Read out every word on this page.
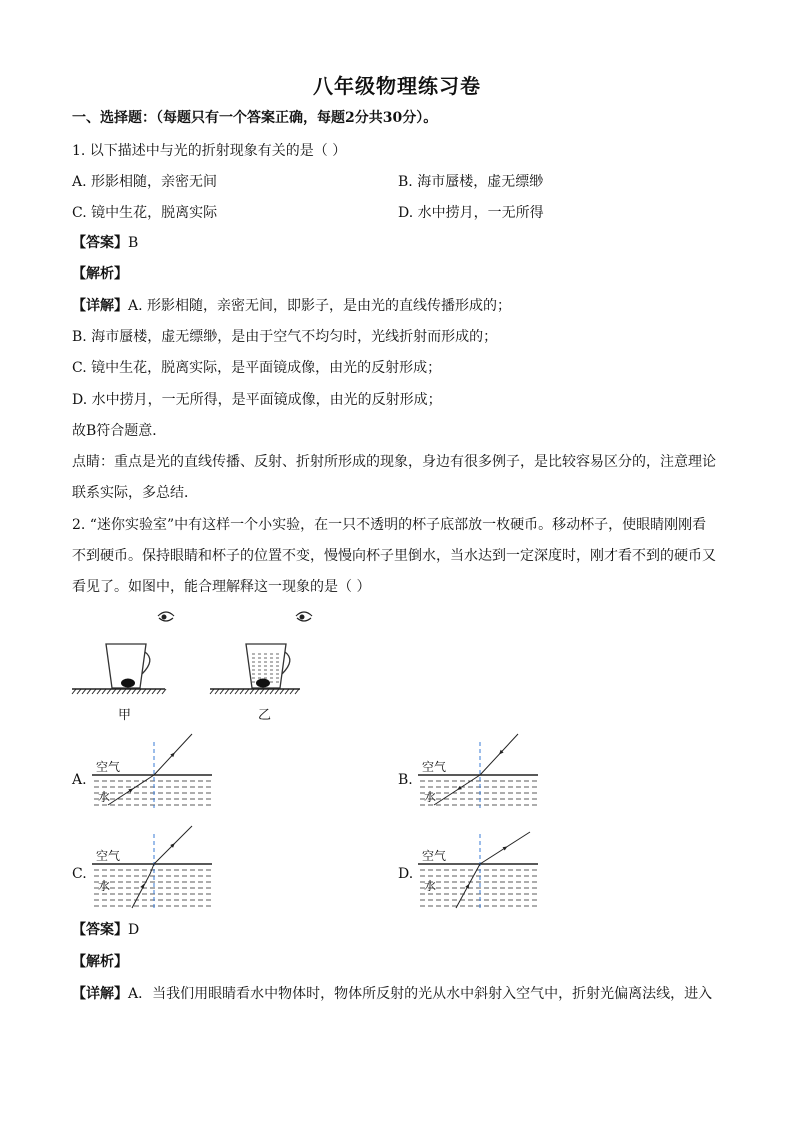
八年级物理练习卷
一、选择题：（每题只有一个答案正确，每题2分共30分）。
1. 以下描述中与光的折射现象有关的是（ ）
A. 形影相随，亲密无间	B. 海市蜃楼，虚无缥缈
C. 镜中生花，脱离实际	D. 水中捞月，一无所得
【答案】B
【解析】
【详解】A. 形影相随，亲密无间，即影子，是由光的直线传播形成的；
B. 海市蜃楼，虚无缥缈，是由于空气不均匀时，光线折射而形成的；
C. 镜中生花，脱离实际，是平面镜成像，由光的反射形成；
D. 水中捞月，一无所得，是平面镜成像，由光的反射形成；
故B符合题意．
点睛：重点是光的直线传播、反射、折射所形成的现象，身边有很多例子，是比较容易区分的，注意理论
联系实际，多总结．
2. “迷你实验室”中有这样一个小实验，在一只不透明的杯子底部放一枚硬币。移动杯子，使眼睛刚刚看
不到硬币。保持眼睛和杯子的位置不变，慢慢向杯子里倒水，当水达到一定深度时，刚才看不到的硬币又
看见了。如图中，能合理解释这一现象的是（ ）
甲	乙
A.	B.
C.	D.
空气
水
空气
水
空气
水
空气
水
【答案】D
【解析】
【详解】A．当我们用眼睛看水中物体时，物体所反射的光从水中斜射入空气中，折射光偏离法线，进入
